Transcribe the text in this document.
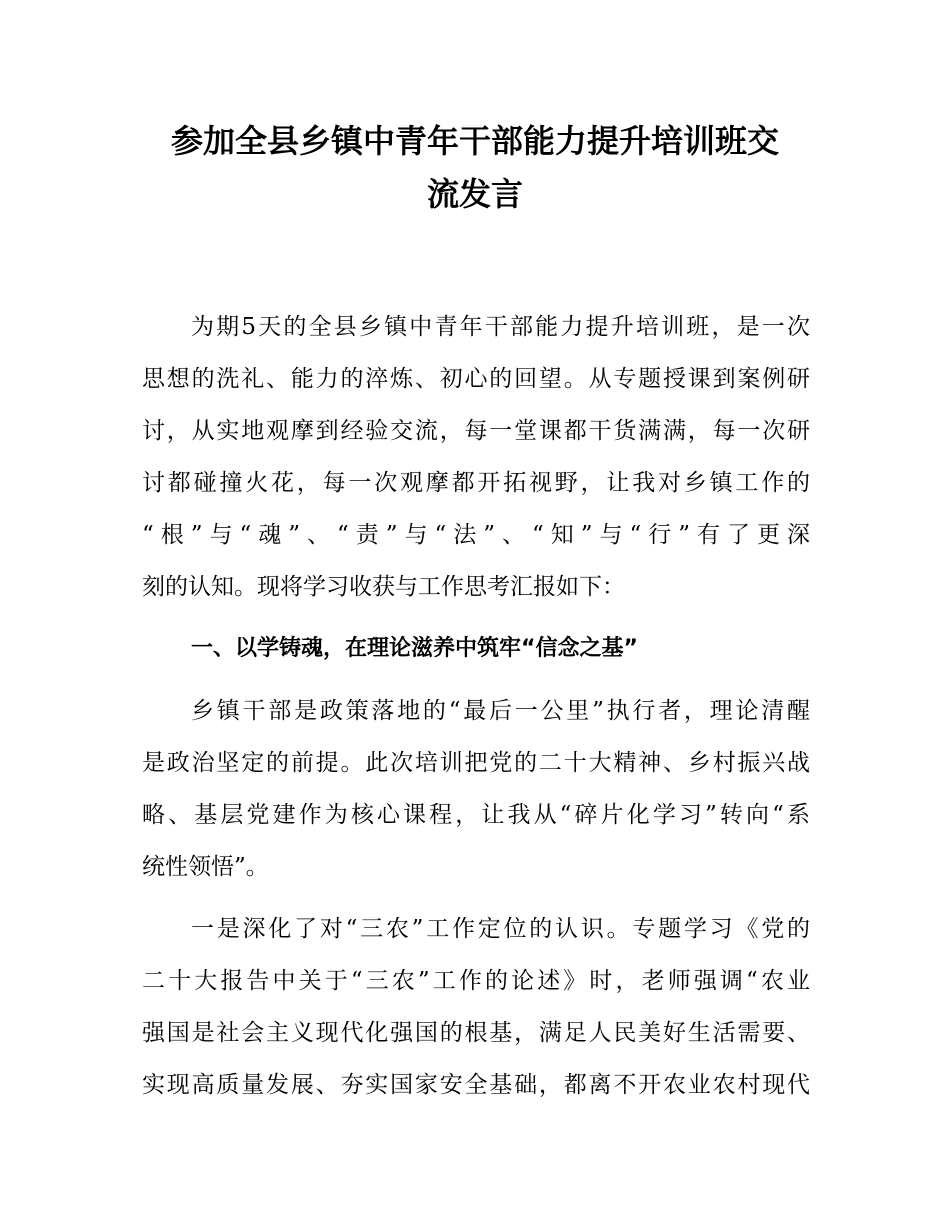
参加全县乡镇中青年干部能力提升培训班交
流发言

为期5天的全县乡镇中青年干部能力提升培训班，是一次
思想的洗礼、能力的淬炼、初心的回望。从专题授课到案例研
讨，从实地观摩到经验交流，每一堂课都干货满满，每一次研
讨都碰撞火花，每一次观摩都开拓视野，让我对乡镇工作的
“根”与“魂”、“责”与“法”、“知”与“行”有了更深
刻的认知。现将学习收获与工作思考汇报如下：

一、以学铸魂，在理论滋养中筑牢“信念之基”

乡镇干部是政策落地的“最后一公里”执行者，理论清醒
是政治坚定的前提。此次培训把党的二十大精神、乡村振兴战
略、基层党建作为核心课程，让我从“碎片化学习”转向“系
统性领悟”。

一是深化了对“三农”工作定位的认识。专题学习《党的
二十大报告中关于“三农”工作的论述》时，老师强调“农业
强国是社会主义现代化强国的根基，满足人民美好生活需要、
实现高质量发展、夯实国家安全基础，都离不开农业农村现代
